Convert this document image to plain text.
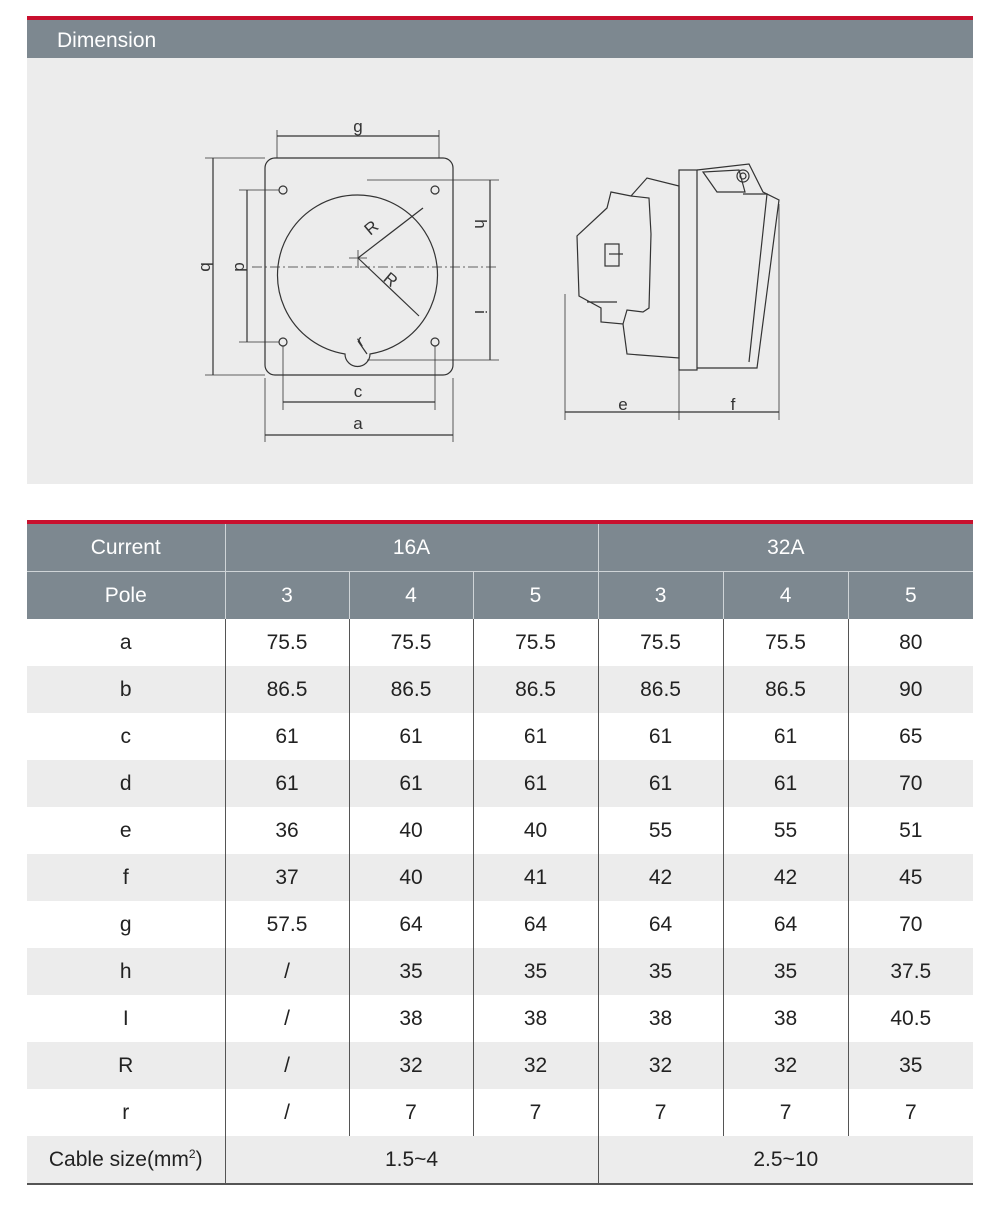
Dimension
g
b d
h
i
R
R
r
c
a
e	f
Current	16A			32A		
Pole	3	4	5	3	4	5
a	75.5	75.5	75.5	75.5	75.5	80
b	86.5	86.5	86.5	86.5	86.5	90
c	61	61	61	61	61	65
d	61	61	61	61	61	70
e	36	40	40	55	55	51
f	37	40	41	42	42	45
g	57.5	64	64	64	64	70
h	/	35	35	35	35	37.5
I	/	38	38	38	38	40.5
R	/	32	32	32	32	35
r	/	7	7	7	7	7
Cable $size(mm^2)$	1.5~4			2.5~10		
